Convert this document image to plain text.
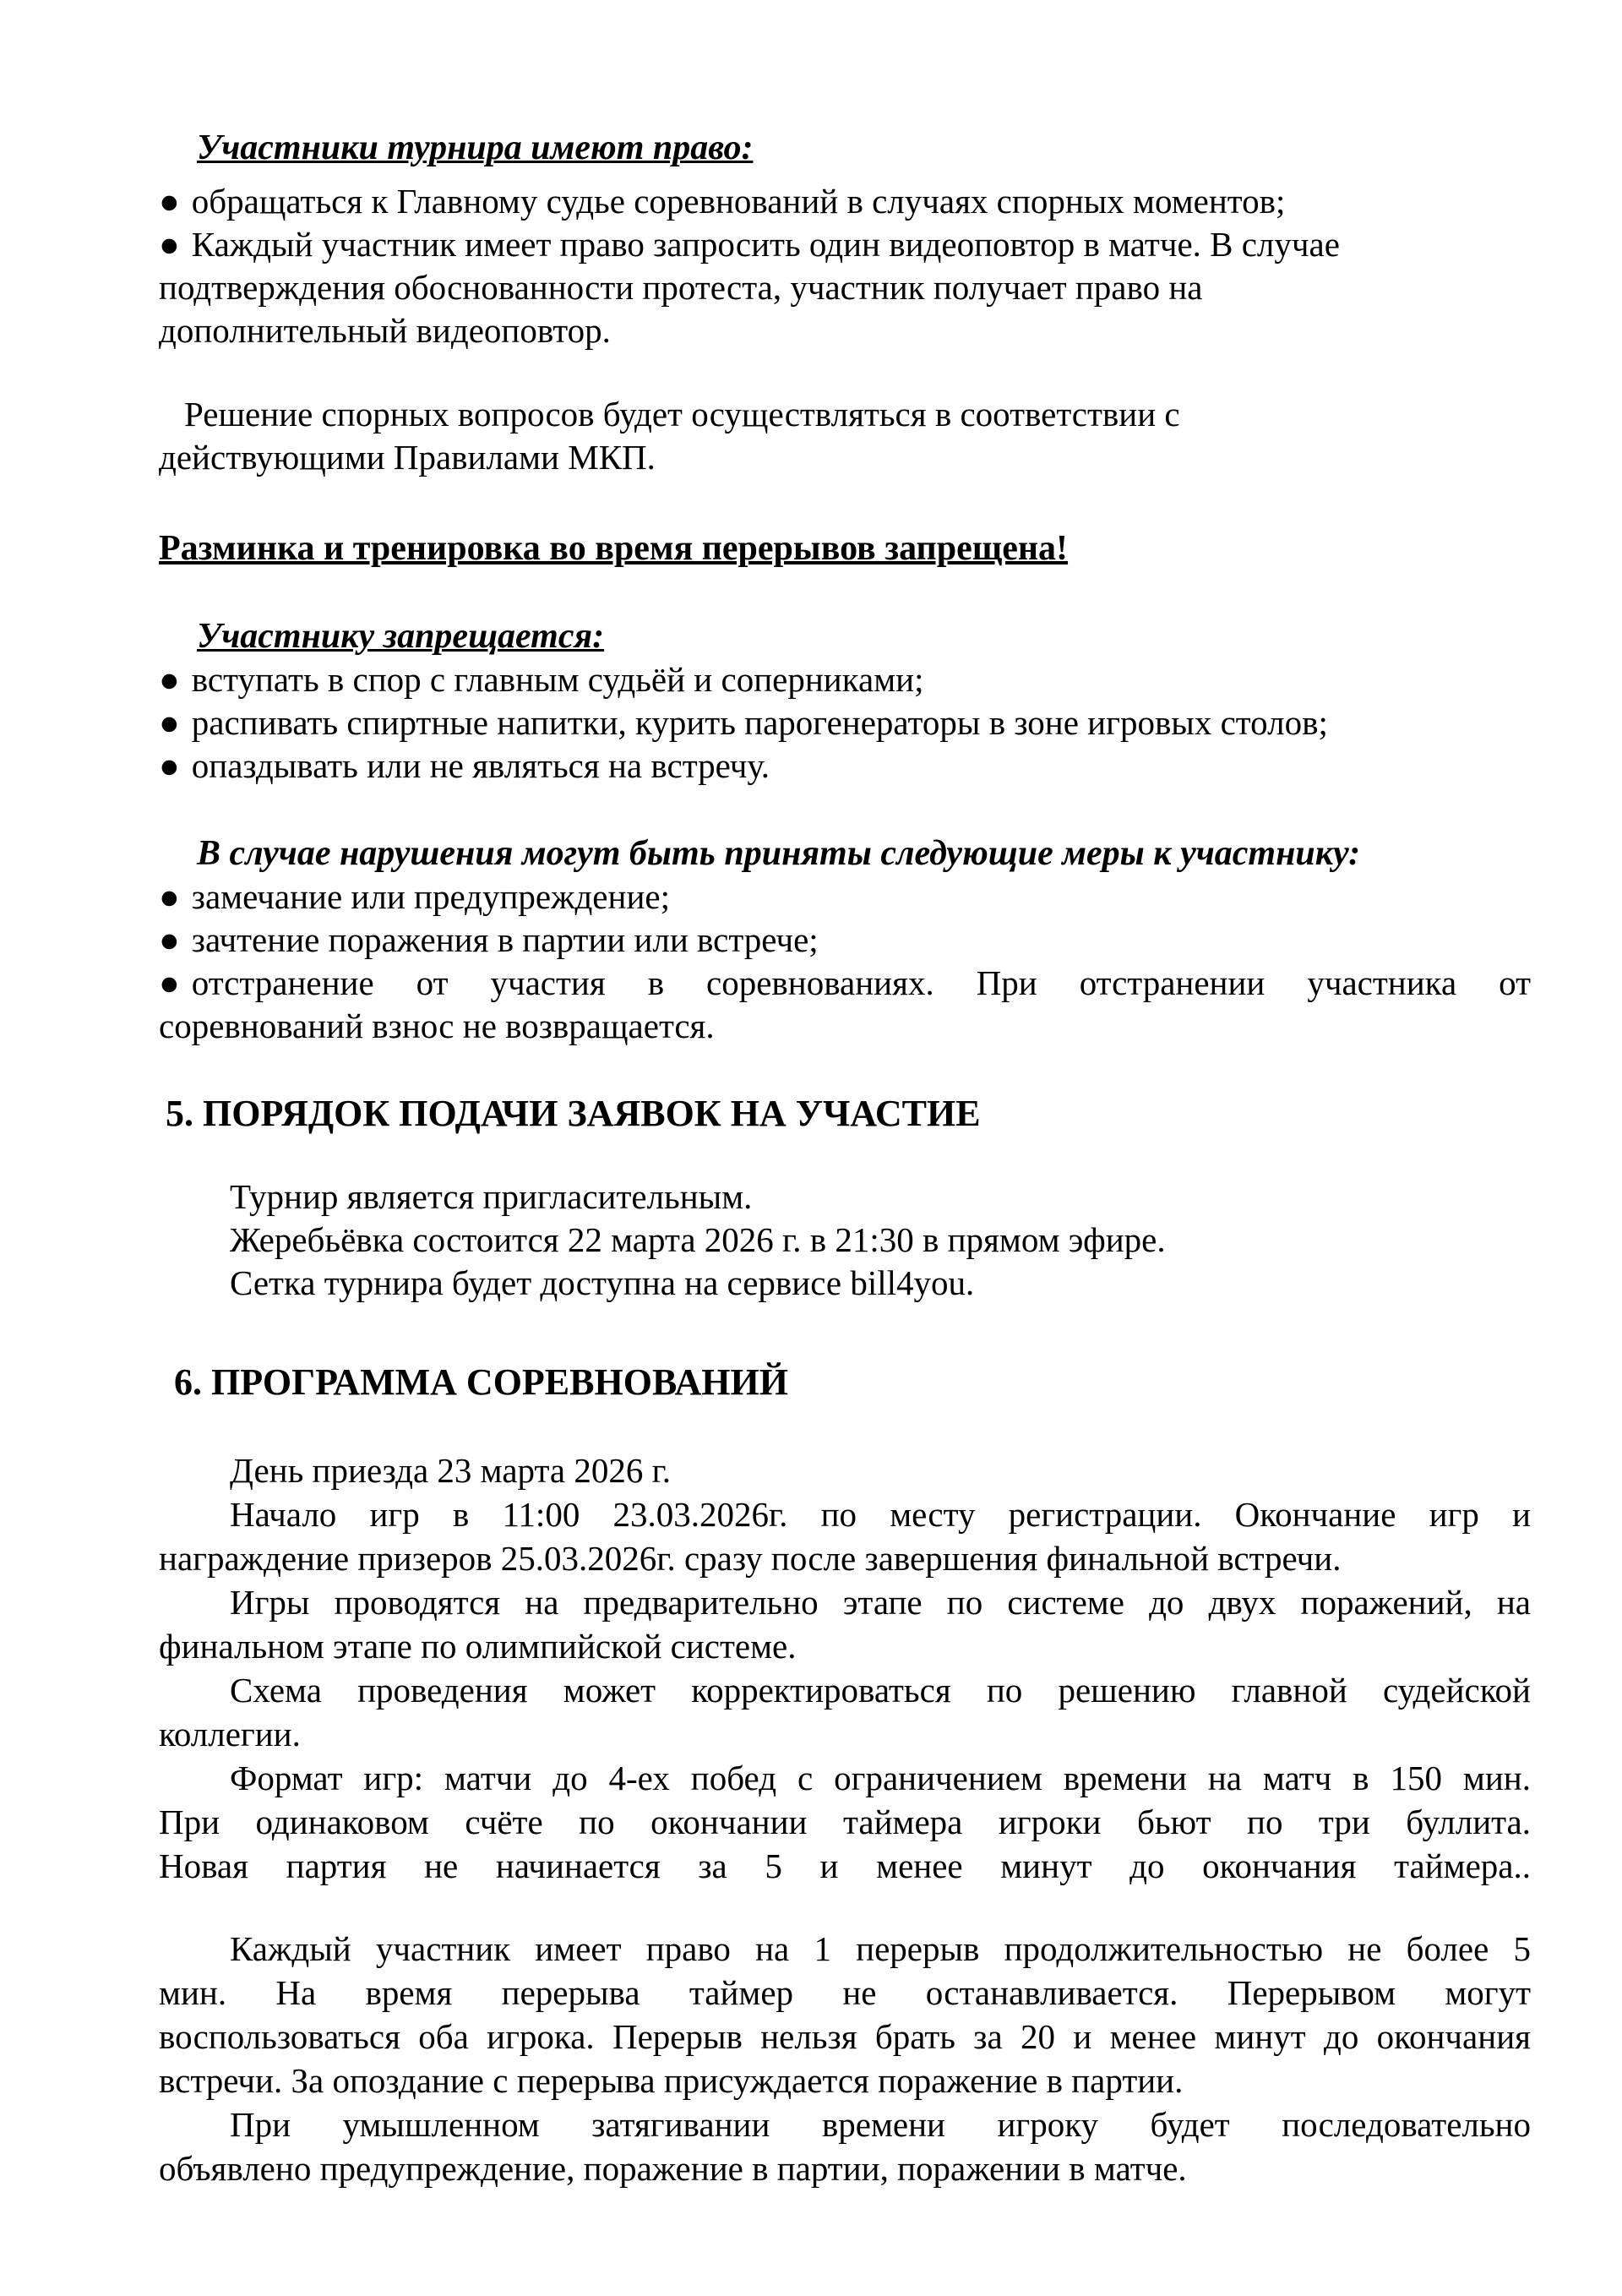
Участники турнира имеют право:
● обращаться к Главному судье соревнований в случаях спорных моментов;
● Каждый участник имеет право запросить один видеоповтор в матче. В случае
подтверждения обоснованности протеста, участник получает право на
дополнительный видеоповтор.
Решение спорных вопросов будет осуществляться в соответствии с
действующими Правилами МКП.
Разминка и тренировка во время перерывов запрещена!
Участнику запрещается:
● вступать в спор с главным судьёй и соперниками;
● распивать спиртные напитки, курить парогенераторы в зоне игровых столов;
● опаздывать или не являться на встречу.
В случае нарушения могут быть приняты следующие меры к участнику:
● замечание или предупреждение;
● зачтение поражения в партии или встрече;
● отстранение от участия в соревнованиях. При отстранении участника от
соревнований взнос не возвращается.
5. ПОРЯДОК ПОДАЧИ ЗАЯВОК НА УЧАСТИЕ
Турнир является пригласительным.
Жеребьёвка состоится 22 марта 2026 г. в 21:30 в прямом эфире.
Сетка турнира будет доступна на сервисе bill4you.
6. ПРОГРАММА СОРЕВНОВАНИЙ
День приезда 23 марта 2026 г.
Начало игр в 11:00 23.03.2026г. по месту регистрации. Окончание игр и
награждение призеров 25.03.2026г. сразу после завершения финальной встречи.
Игры проводятся на предварительно этапе по системе до двух поражений, на
финальном этапе по олимпийской системе.
Схема проведения может корректироваться по решению главной судейской
коллегии.
Формат игр: матчи до 4-ех побед с ограничением времени на матч в 150 мин.
При одинаковом счёте по окончании таймера игроки бьют по три буллита.
Новая партия не начинается за 5 и менее минут до окончания таймера..
Каждый участник имеет право на 1 перерыв продолжительностью не более 5
мин. На время перерыва таймер не останавливается. Перерывом могут
воспользоваться оба игрока. Перерыв нельзя брать за 20 и менее минут до окончания
встречи. За опоздание с перерыва присуждается поражение в партии.
При умышленном затягивании времени игроку будет последовательно
объявлено предупреждение, поражение в партии, поражении в матче.
